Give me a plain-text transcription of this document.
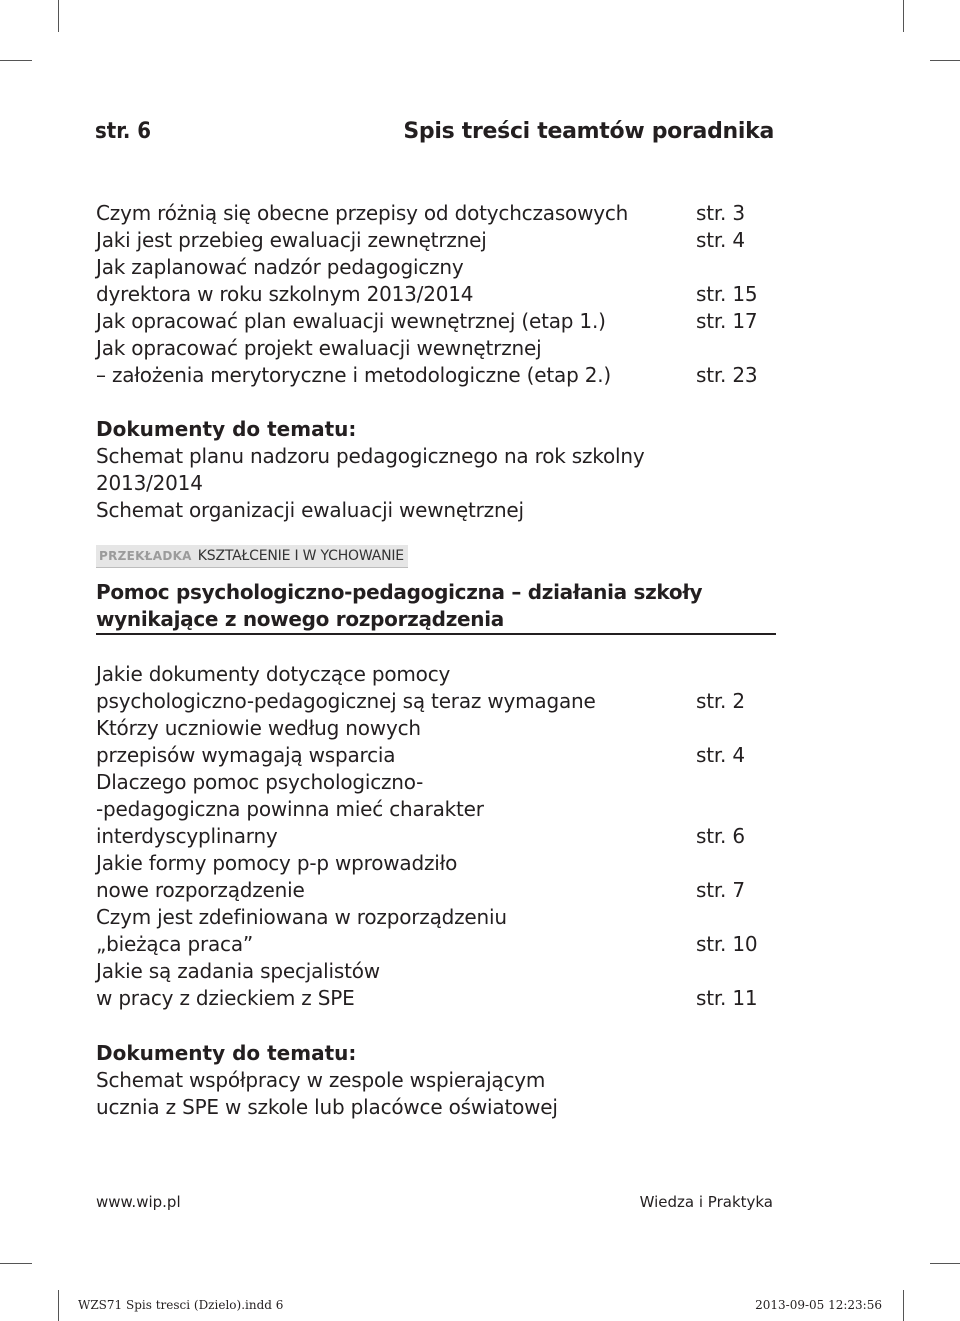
str. 6	Spis treści teamtów poradnika
Czym różnią się obecne przepisy od dotychczasowych	str. 3
Jaki jest przebieg ewaluacji zewnętrznej	str. 4
Jak zaplanować nadzór pedagogiczny
dyrektora w roku szkolnym 2013/2014	str. 15
Jak opracować plan ewaluacji wewnętrznej (etap 1.)	str. 17
Jak opracować projekt ewaluacji wewnętrznej
– założenia merytoryczne i metodologiczne (etap 2.)	str. 23
Dokumenty do tematu:
Schemat planu nadzoru pedagogicznego na rok szkolny
2013/2014
Schemat organizacji ewaluacji wewnętrznej
PRZEKŁADKA KSZTAŁCENIE I W YCHOWANIE
Pomoc psychologiczno-pedagogiczna – działania szkoły wynikające z nowego rozporządzenia
Jakie dokumenty dotyczące pomocy
psychologiczno-pedagogicznej są teraz wymagane	str. 2
Którzy uczniowie według nowych
przepisów wymagają wsparcia	str. 4
Dlaczego pomoc psychologiczno-
-pedagogiczna powinna mieć charakter
interdyscyplinarny	str. 6
Jakie formy pomocy p-p wprowadziło
nowe rozporządzenie	str. 7
Czym jest zdefiniowana w rozporządzeniu
„bieżąca praca”	str. 10
Jakie są zadania specjalistów
w pracy z dzieckiem z SPE	str. 11
Dokumenty do tematu:
Schemat współpracy w zespole wspierającym
ucznia z SPE w szkole lub placówce oświatowej
www.wip.pl	Wiedza i Praktyka
WZS71 Spis tresci (Dzielo).indd 6	2013-09-05 12:23:56
